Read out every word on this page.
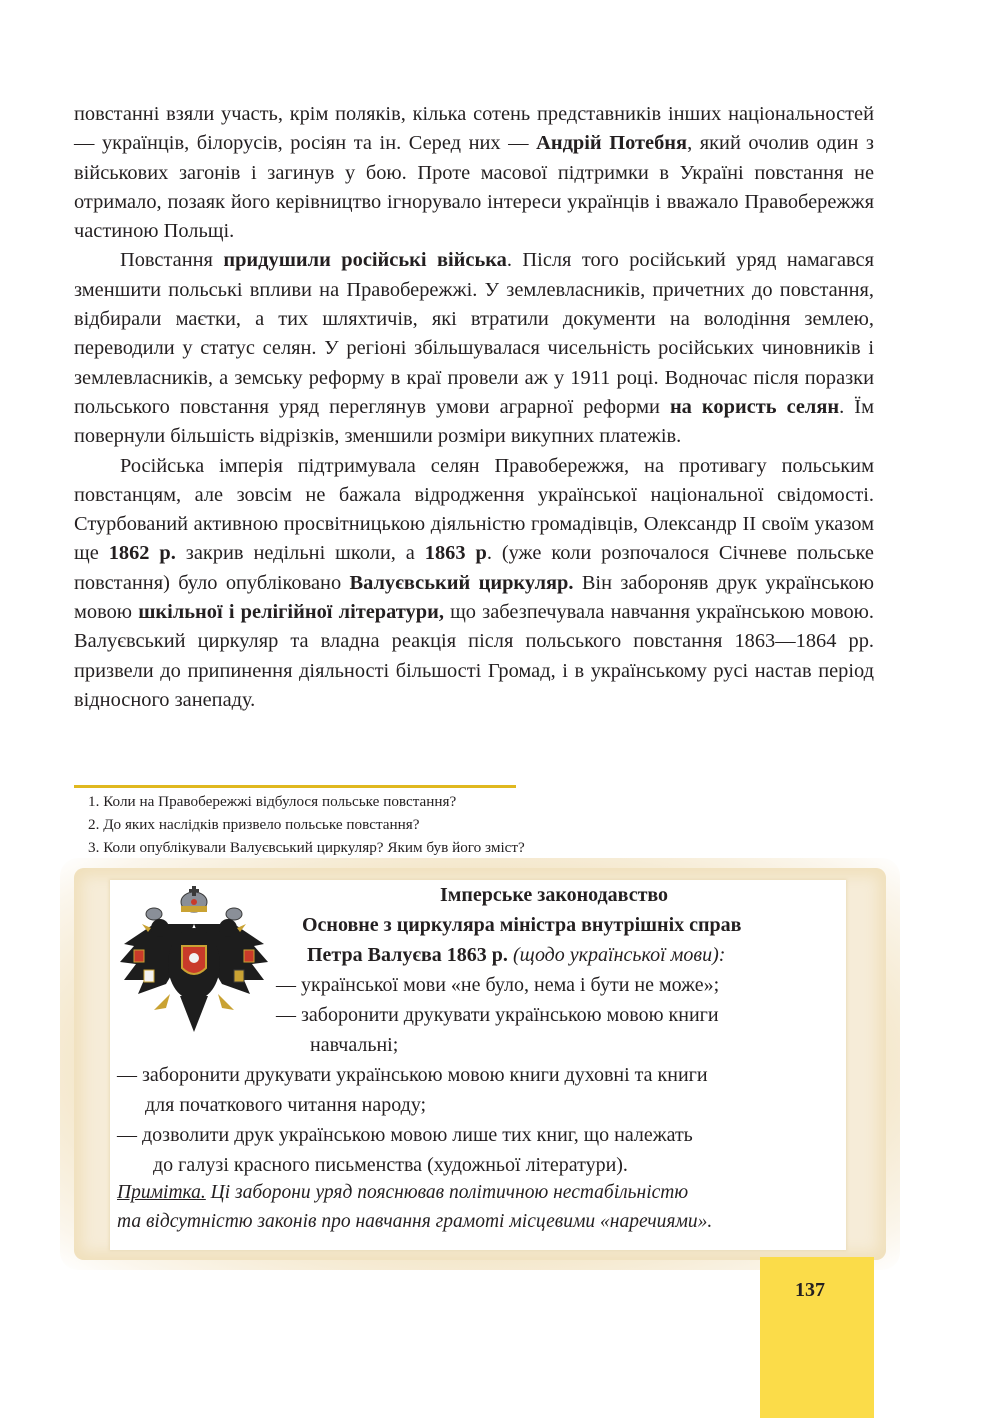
повстанні взяли участь, крім поляків, кілька сотень представників інших національностей — українців, білорусів, росіян та ін. Серед них — Андрій Потебня, який очолив один з військових загонів і загинув у бою. Проте масової підтримки в Україні повстання не отримало, позаяк його керівництво ігнорувало інтереси українців і вважало Правобережжя частиною Польщі.

Повстання придушили російські війська. Після того російський уряд намагався зменшити польські впливи на Правобережжі. У землевласників, причетних до повстання, відбирали маєтки, а тих шляхтичів, які втратили документи на володіння землею, переводили у статус селян. У регіоні збільшувалася чисельність російських чиновників і землевласників, а земську реформу в краї провели аж у 1911 році. Водночас після поразки польського повстання уряд переглянув умови аграрної реформи на користь селян. Їм повернули більшість відрізків, зменшили розміри викупних платежів.

Російська імперія підтримувала селян Правобережжя, на противагу польським повстанцям, але зовсім не бажала відродження української національної свідомості. Стурбований активною просвітницькою діяльністю громадівців, Олександр II своїм указом ще 1862 р. закрив недільні школи, а 1863 р. (уже коли розпочалося Січневе польське повстання) було опубліковано Валуєвський циркуляр. Він забороняв друк українською мовою шкільної і релігійної літератури, що забезпечувала навчання українською мовою. Валуєвський циркуляр та владна реакція після польського повстання 1863—1864 рр. призвели до припинення діяльності більшості Громад, і в українському русі настав період відносного занепаду.

1. Коли на Правобережжі відбулося польське повстання?
2. До яких наслідків призвело польське повстання?
3. Коли опублікували Валуєвський циркуляр? Яким був його зміст?
Імперське законодавство
Основне з циркуляра міністра внутрішніх справ
Петра Валуєва 1863 р. (щодо української мови):
— української мови «не було, нема і бути не може»;
— заборонити друкувати українською мовою книги
навчальні;
— заборонити друкувати українською мовою книги духовні та книги
для початкового читання народу;
— дозволити друк українською мовою лише тих книг, що належать
до галузі красного письменства (художньої літератури).
Примітка. Ці заборони уряд пояснював політичною нестабільністю
та відсутністю законів про навчання грамоті місцевими «наречиями».
137
